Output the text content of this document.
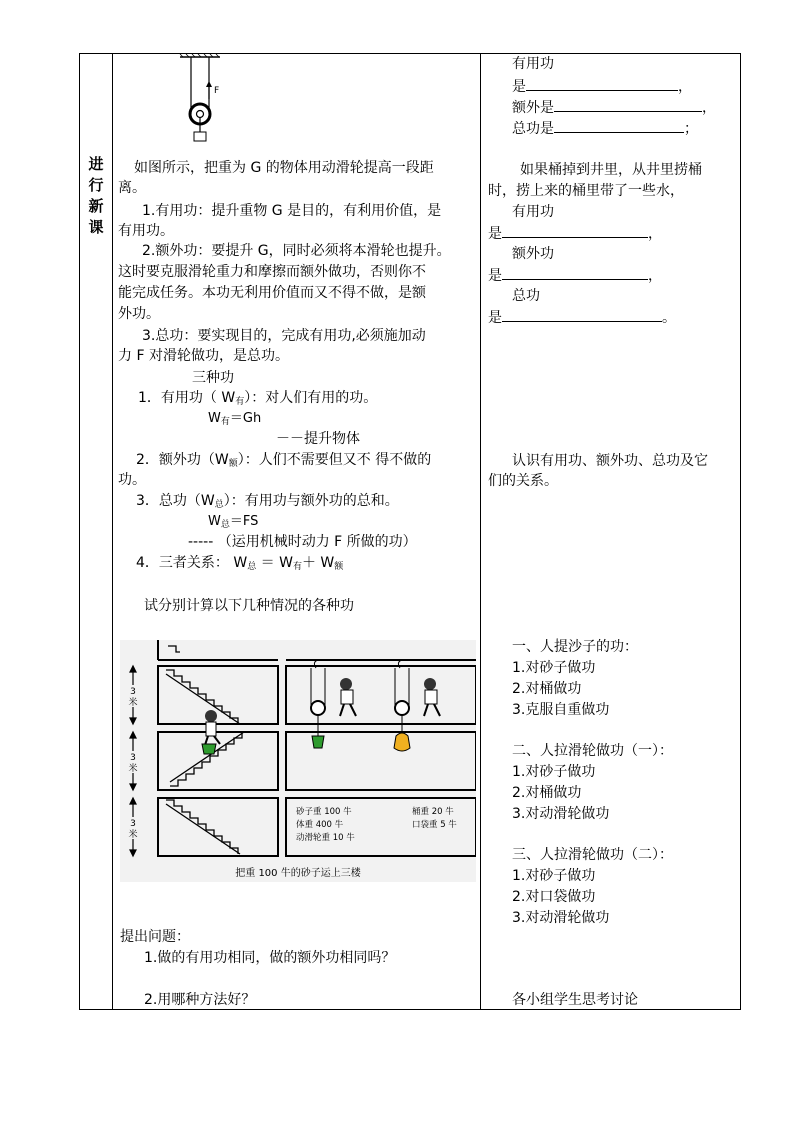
进
行
新
课
F
如图所示，把重为 G 的物体用动滑轮提高一段距
离。
1.有用功：提升重物 G 是目的，有利用价值，是
有用功。
2.额外功：要提升 G，同时必须将本滑轮也提升。
这时要克服滑轮重力和摩擦而额外做功，否则你不
能完成任务。本功无利用价值而又不得不做，是额
外功。
3.总功：要实现目的，完成有用功,必须施加动
力 F 对滑轮做功，是总功。
三种功
1．有用功（ $W_有$）：对人们有用的功。
$W_有=Gh$
－－提升物体
2．额外功$(W_额)$：人们不需要但又不 得不做的
功。
3．总功$(W_总)$：有用功与额外功的总和。
$W_总=FS$
----- （运用机械时动力 F 所做的功）
4．三者关系： $W_总 = W_有+ W_额$
试分别计算以下几种情况的各种功
3
米
3
米
3
米
砂子重 100 牛
体重 400 牛
动滑轮重 10 牛
桶重 20 牛
口袋重 5 牛
把重 100 牛的砂子运上三楼
提出问题：
1.做的有用功相同，做的额外功相同吗？
2.用哪种方法好？
有用功
是	，
额外是	，
总功是	；
如果桶掉到井里，从井里捞桶
时，捞上来的桶里带了一些水，
有用功
是	，
额外功
是	，
总功
是	。
认识有用功、额外功、总功及它
们的关系。
一、人提沙子的功：
1.对砂子做功
2.对桶做功
3.克服自重做功
二、人拉滑轮做功（一）：
1.对砂子做功
2.对桶做功
3.对动滑轮做功
三、人拉滑轮做功（二）：
1.对砂子做功
2.对口袋做功
3.对动滑轮做功
各小组学生思考讨论
